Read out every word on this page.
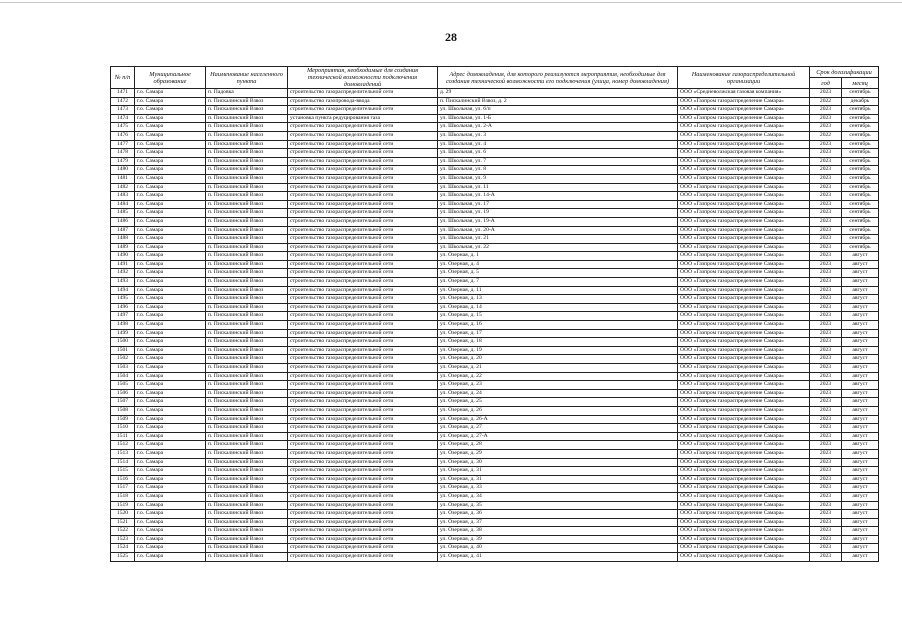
28
№ п/п	Муниципальное образование	Наименование населенного пункта	Мероприятия, необходимые для создания технической возможности подключения домовладений	Адрес домовладения, для которого реализуются мероприятия, необходимые для создания технической возможности его подключения (улица, номер домовладения)	Наименование газораспределительной организации	Срок догазификации	
						год	месяц
1471	г.о. Самара	п. Падовка	строительство газораспределительной сети	д. 29	ООО «Средневолжская газовая компания»	2023	сентябрь
1472	г.о. Самара	п. Пискалинский Взвоз	строительство газопровода-ввода	п. Пискалинский Взвоз, д. 2	ООО «Газпром газораспределение Самара»	2022	декабрь
1473	г.о. Самара	п. Пискалинский Взвоз	строительство газораспределительной сети	ул. Школьная, ул. 6/п	ООО «Газпром газораспределение Самара»	2023	сентябрь
1474	г.о. Самара	п. Пискалинский Взвоз	установка пункта редуцирования газа	ул. Школьная, ул. 1-Б	ООО «Газпром газораспределение Самара»	2023	сентябрь
1475	г.о. Самара	п. Пискалинский Взвоз	строительство газораспределительной сети	ул. Школьная, ул. 2-А	ООО «Газпром газораспределение Самара»	2023	сентябрь
1476	г.о. Самара	п. Пискалинский Взвоз	строительство газораспределительной сети	ул. Школьная, ул. 3	ООО «Газпром газораспределение Самара»	2022	сентябрь
1477	г.о. Самара	п. Пискалинский Взвоз	строительство газораспределительной сети	ул. Школьная, ул. 4	ООО «Газпром газораспределение Самара»	2023	сентябрь
1478	г.о. Самара	п. Пискалинский Взвоз	строительство газораспределительной сети	ул. Школьная, ул. 6	ООО «Газпром газораспределение Самара»	2023	сентябрь
1479	г.о. Самара	п. Пискалинский Взвоз	строительство газораспределительной сети	ул. Школьная, ул. 7	ООО «Газпром газораспределение Самара»	2023	сентябрь
1480	г.о. Самара	п. Пискалинский Взвоз	строительство газораспределительной сети	ул. Школьная, ул. 8	ООО «Газпром газораспределение Самара»	2023	сентябрь
1481	г.о. Самара	п. Пискалинский Взвоз	строительство газораспределительной сети	ул. Школьная, ул. 9	ООО «Газпром газораспределение Самара»	2023	сентябрь
1482	г.о. Самара	п. Пискалинский Взвоз	строительство газораспределительной сети	ул. Школьная, ул. 11	ООО «Газпром газораспределение Самара»	2023	сентябрь
1483	г.о. Самара	п. Пискалинский Взвоз	строительство газораспределительной сети	ул. Школьная, ул. 14-А	ООО «Газпром газораспределение Самара»	2023	сентябрь
1484	г.о. Самара	п. Пискалинский Взвоз	строительство газораспределительной сети	ул. Школьная, ул. 17	ООО «Газпром газораспределение Самара»	2023	сентябрь
1485	г.о. Самара	п. Пискалинский Взвоз	строительство газораспределительной сети	ул. Школьная, ул. 19	ООО «Газпром газораспределение Самара»	2023	сентябрь
1486	г.о. Самара	п. Пискалинский Взвоз	строительство газораспределительной сети	ул. Школьная, ул. 19-А	ООО «Газпром газораспределение Самара»	2023	сентябрь
1487	г.о. Самара	п. Пискалинский Взвоз	строительство газораспределительной сети	ул. Школьная, ул. 20-А	ООО «Газпром газораспределение Самара»	2023	сентябрь
1488	г.о. Самара	п. Пискалинский Взвоз	строительство газораспределительной сети	ул. Школьная, ул. 21	ООО «Газпром газораспределение Самара»	2023	сентябрь
1489	г.о. Самара	п. Пискалинский Взвоз	строительство газораспределительной сети	ул. Школьная, ул. 22	ООО «Газпром газораспределение Самара»	2023	сентябрь
1490	г.о. Самара	п. Пискалинский Взвоз	строительство газораспределительной сети	ул. Озерная, д. 1	ООО «Газпром газораспределение Самара»	2023	август
1491	г.о. Самара	п. Пискалинский Взвоз	строительство газораспределительной сети	ул. Озерная, д. 4	ООО «Газпром газораспределение Самара»	2023	август
1492	г.о. Самара	п. Пискалинский Взвоз	строительство газораспределительной сети	ул. Озерная, д. 5	ООО «Газпром газораспределение Самара»	2023	август
1493	г.о. Самара	п. Пискалинский Взвоз	строительство газораспределительной сети	ул. Озерная, д. 7	ООО «Газпром газораспределение Самара»	2023	август
1494	г.о. Самара	п. Пискалинский Взвоз	строительство газораспределительной сети	ул. Озерная, д. 11	ООО «Газпром газораспределение Самара»	2023	август
1495	г.о. Самара	п. Пискалинский Взвоз	строительство газораспределительной сети	ул. Озерная, д. 13	ООО «Газпром газораспределение Самара»	2023	август
1496	г.о. Самара	п. Пискалинский Взвоз	строительство газораспределительной сети	ул. Озерная, д. 14	ООО «Газпром газораспределение Самара»	2023	август
1497	г.о. Самара	п. Пискалинский Взвоз	строительство газораспределительной сети	ул. Озерная, д. 15	ООО «Газпром газораспределение Самара»	2023	август
1498	г.о. Самара	п. Пискалинский Взвоз	строительство газораспределительной сети	ул. Озерная, д. 16	ООО «Газпром газораспределение Самара»	2023	август
1499	г.о. Самара	п. Пискалинский Взвоз	строительство газораспределительной сети	ул. Озерная, д. 17	ООО «Газпром газораспределение Самара»	2023	август
1500	г.о. Самара	п. Пискалинский Взвоз	строительство газораспределительной сети	ул. Озерная, д. 18	ООО «Газпром газораспределение Самара»	2023	август
1501	г.о. Самара	п. Пискалинский Взвоз	строительство газораспределительной сети	ул. Озерная, д. 19	ООО «Газпром газораспределение Самара»	2023	август
1502	г.о. Самара	п. Пискалинский Взвоз	строительство газораспределительной сети	ул. Озерная, д. 20	ООО «Газпром газораспределение Самара»	2023	август
1503	г.о. Самара	п. Пискалинский Взвоз	строительство газораспределительной сети	ул. Озерная, д. 21	ООО «Газпром газораспределение Самара»	2023	август
1504	г.о. Самара	п. Пискалинский Взвоз	строительство газораспределительной сети	ул. Озерная, д. 22	ООО «Газпром газораспределение Самара»	2023	август
1505	г.о. Самара	п. Пискалинский Взвоз	строительство газораспределительной сети	ул. Озерная, д. 23	ООО «Газпром газораспределение Самара»	2023	август
1506	г.о. Самара	п. Пискалинский Взвоз	строительство газораспределительной сети	ул. Озерная, д. 24	ООО «Газпром газораспределение Самара»	2023	август
1507	г.о. Самара	п. Пискалинский Взвоз	строительство газораспределительной сети	ул. Озерная, д. 25	ООО «Газпром газораспределение Самара»	2023	август
1508	г.о. Самара	п. Пискалинский Взвоз	строительство газораспределительной сети	ул. Озерная, д. 26	ООО «Газпром газораспределение Самара»	2023	август
1509	г.о. Самара	п. Пискалинский Взвоз	строительство газораспределительной сети	ул. Озерная, д. 26-А	ООО «Газпром газораспределение Самара»	2023	август
1510	г.о. Самара	п. Пискалинский Взвоз	строительство газораспределительной сети	ул. Озерная, д. 27	ООО «Газпром газораспределение Самара»	2023	август
1511	г.о. Самара	п. Пискалинский Взвоз	строительство газораспределительной сети	ул. Озерная, д. 27-А	ООО «Газпром газораспределение Самара»	2023	август
1512	г.о. Самара	п. Пискалинский Взвоз	строительство газораспределительной сети	ул. Озерная, д. 28	ООО «Газпром газораспределение Самара»	2023	август
1513	г.о. Самара	п. Пискалинский Взвоз	строительство газораспределительной сети	ул. Озерная, д. 29	ООО «Газпром газораспределение Самара»	2023	август
1514	г.о. Самара	п. Пискалинский Взвоз	строительство газораспределительной сети	ул. Озерная, д. 30	ООО «Газпром газораспределение Самара»	2023	август
1515	г.о. Самара	п. Пискалинский Взвоз	строительство газораспределительной сети	ул. Озерная, д. 31	ООО «Газпром газораспределение Самара»	2023	август
1516	г.о. Самара	п. Пискалинский Взвоз	строительство газораспределительной сети	ул. Озерная, д. 31	ООО «Газпром газораспределение Самара»	2023	август
1517	г.о. Самара	п. Пискалинский Взвоз	строительство газораспределительной сети	ул. Озерная, д. 33	ООО «Газпром газораспределение Самара»	2023	август
1518	г.о. Самара	п. Пискалинский Взвоз	строительство газораспределительной сети	ул. Озерная, д. 34	ООО «Газпром газораспределение Самара»	2023	август
1519	г.о. Самара	п. Пискалинский Взвоз	строительство газораспределительной сети	ул. Озерная, д. 35	ООО «Газпром газораспределение Самара»	2023	август
1520	г.о. Самара	п. Пискалинский Взвоз	строительство газораспределительной сети	ул. Озерная, д. 36	ООО «Газпром газораспределение Самара»	2023	август
1521	г.о. Самара	п. Пискалинский Взвоз	строительство газораспределительной сети	ул. Озерная, д. 37	ООО «Газпром газораспределение Самара»	2023	август
1522	г.о. Самара	п. Пискалинский Взвоз	строительство газораспределительной сети	ул. Озерная, д. 38	ООО «Газпром газораспределение Самара»	2023	август
1523	г.о. Самара	п. Пискалинский Взвоз	строительство газораспределительной сети	ул. Озерная, д. 39	ООО «Газпром газораспределение Самара»	2023	август
1524	г.о. Самара	п. Пискалинский Взвоз	строительство газораспределительной сети	ул. Озерная, д. 40	ООО «Газпром газораспределение Самара»	2023	август
1525	г.о. Самара	п. Пискалинский Взвоз	строительство газораспределительной сети	ул. Озерная, д. 41	ООО «Газпром газораспределение Самара»	2023	август
